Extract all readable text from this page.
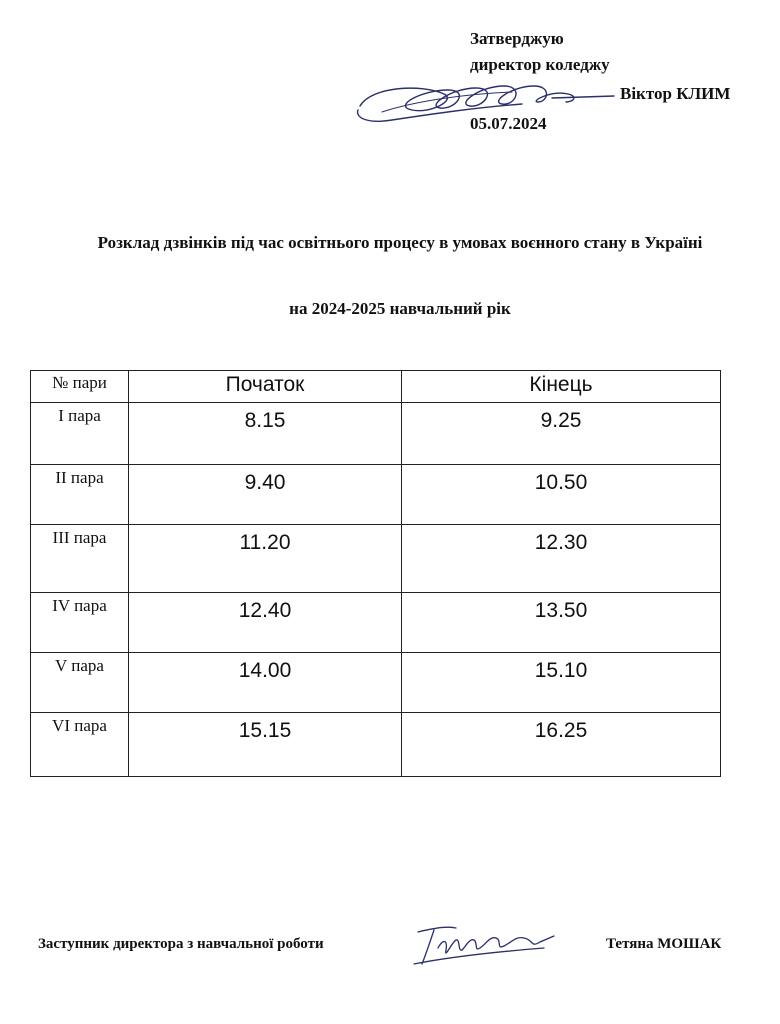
Затверджую
директор коледжу
Віктор КЛИМ
05.07.2024
Розклад дзвінків під час освітнього процесу в умовах воєнного стану в Україні
на 2024-2025 навчальний рік
№ пари	Початок	Кінець
I пара	8.15	9.25
II пара	9.40	10.50
III пара	11.20	12.30
IV пара	12.40	13.50
V пара	14.00	15.10
VI пара	15.15	16.25
Заступник директора з навчальної роботи	Тетяна МОШАК
